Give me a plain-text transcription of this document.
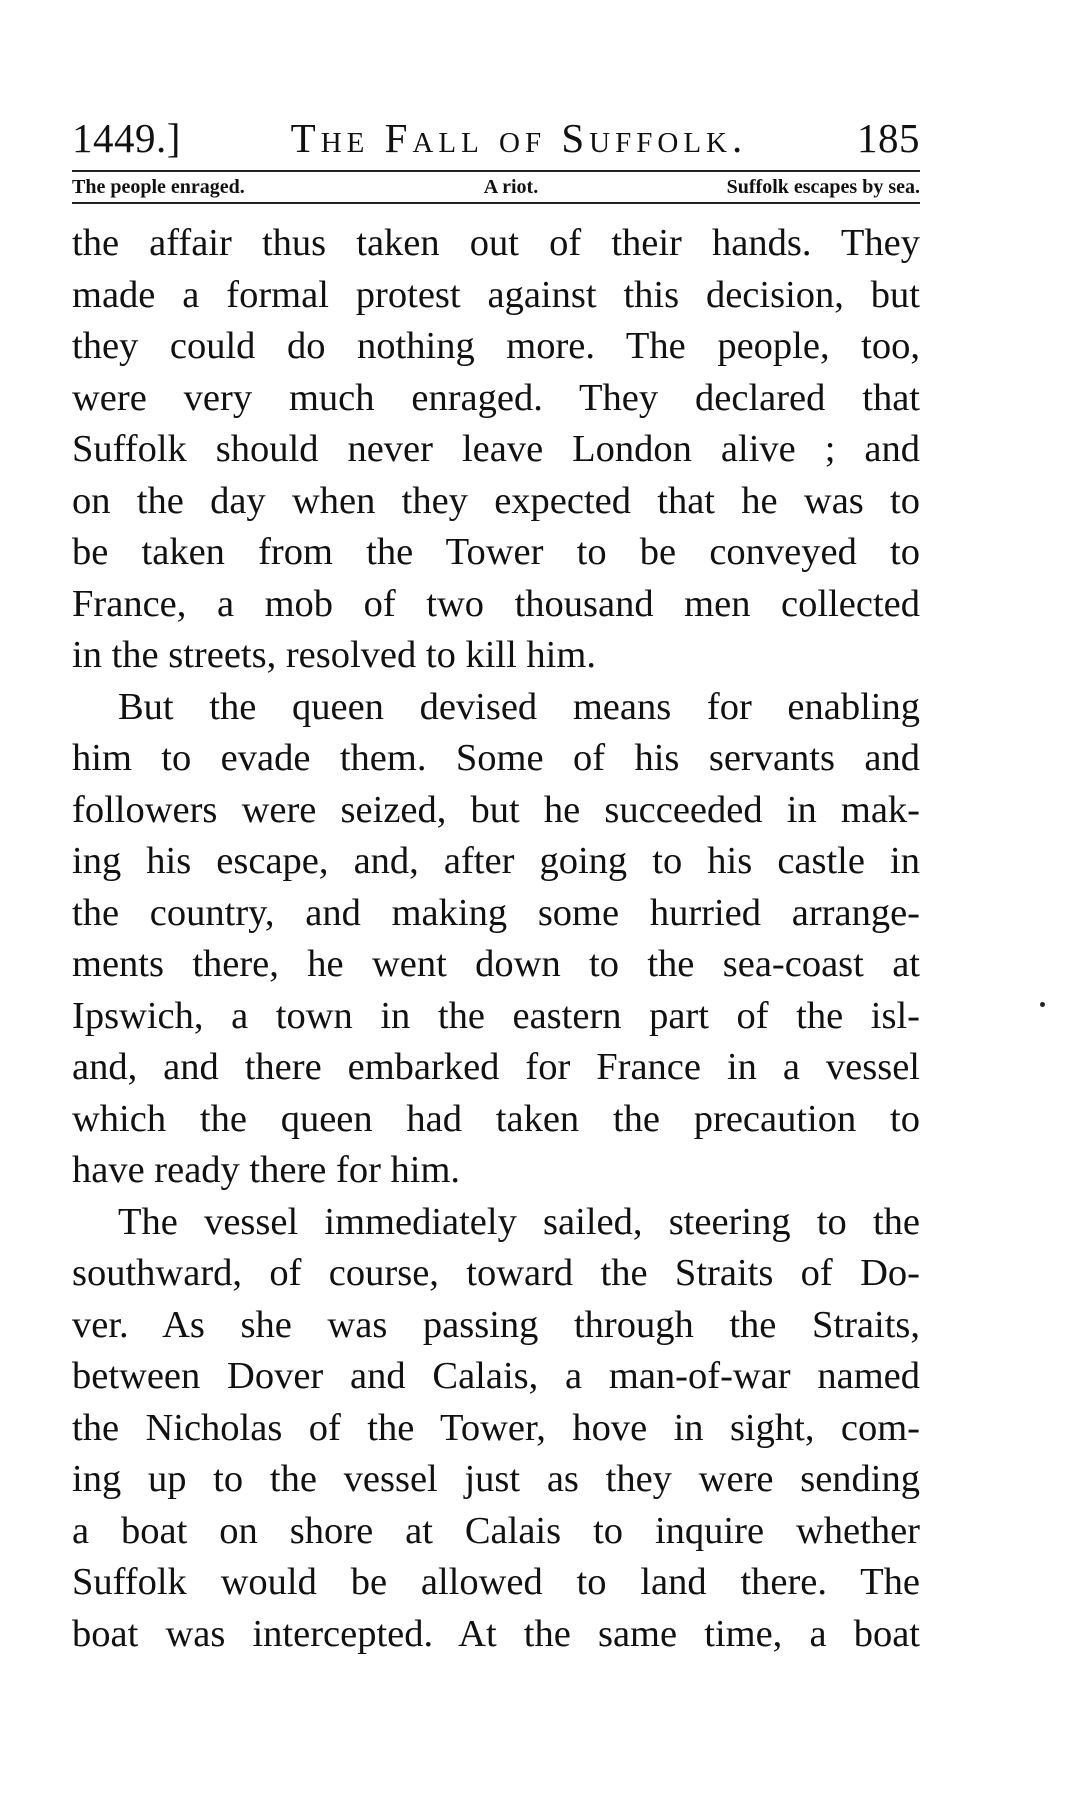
1449.]	The Fall of Suffolk.	185
The people enraged.	A riot.	Suffolk escapes by sea.
the affair thus taken out of their hands. They
made a formal protest against this decision, but
they could do nothing more. The people, too,
were very much enraged. They declared that
Suffolk should never leave London alive ; and
on the day when they expected that he was to
be taken from the Tower to be conveyed to
France, a mob of two thousand men collected
in the streets, resolved to kill him.
But the queen devised means for enabling
him to evade them. Some of his servants and
followers were seized, but he succeeded in mak-
ing his escape, and, after going to his castle in
the country, and making some hurried arrange-
ments there, he went down to the sea-coast at
Ipswich, a town in the eastern part of the isl-
and, and there embarked for France in a vessel
which the queen had taken the precaution to
have ready there for him.
The vessel immediately sailed, steering to the
southward, of course, toward the Straits of Do-
ver. As she was passing through the Straits,
between Dover and Calais, a man-of-war named
the Nicholas of the Tower, hove in sight, com-
ing up to the vessel just as they were sending
a boat on shore at Calais to inquire whether
Suffolk would be allowed to land there. The
boat was intercepted. At the same time, a boat
